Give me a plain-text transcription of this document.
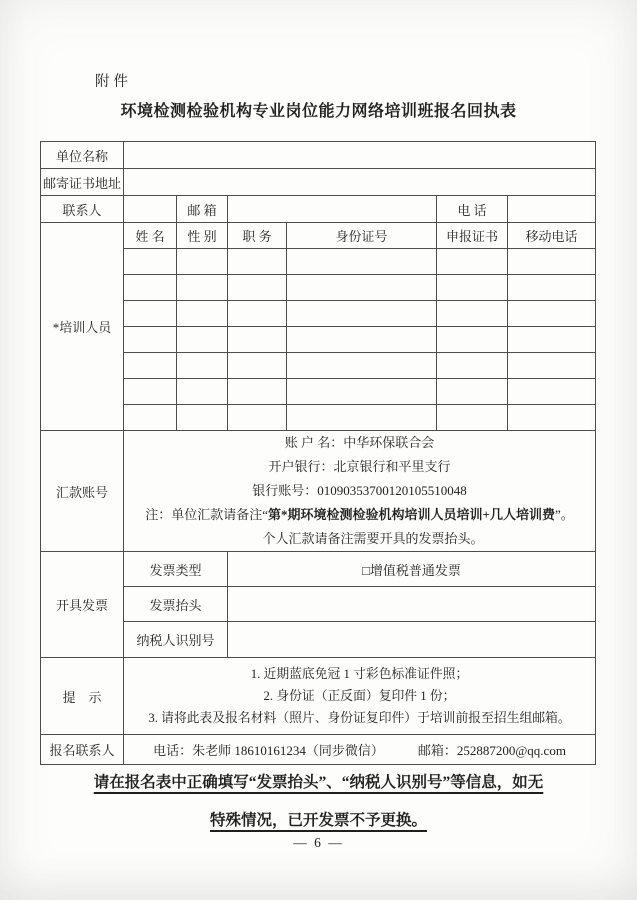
附件
环境检测检验机构专业岗位能力网络培训班报名回执表
单位名称						
邮寄证书地址						
联系人		邮 箱			电 话	
*培训人员	姓 名	性 别	职 务	身份证号	申报证书	移动电话

汇款账号	账 户 名：中华环保联合会
开户银行：北京银行和平里支行
银行账号：01090353700120105510048
注：单位汇款请备注“第*期环境检测检验机构培训人员培训+几人培训费”。
个人汇款请备注需要开具的发票抬头。					

开具发票	发票类型		□增值税普通发票			
	发票抬头					
	纳税人识别号					
提　示	1. 近期蓝底免冠 1 寸彩色标准证件照；
2. 身份证（正反面）复印件 1 份；
3. 请将此表及报名材料（照片、身份证复印件）于培训前报至招生组邮箱。					

报名联系人	电话：朱老师 18610161234（同步微信） 邮箱：252887200@qq.com					
请在报名表中正确填写“发票抬头”、“纳税人识别号”等信息，如无
特殊情况，已开发票不予更换。
— 6 —
